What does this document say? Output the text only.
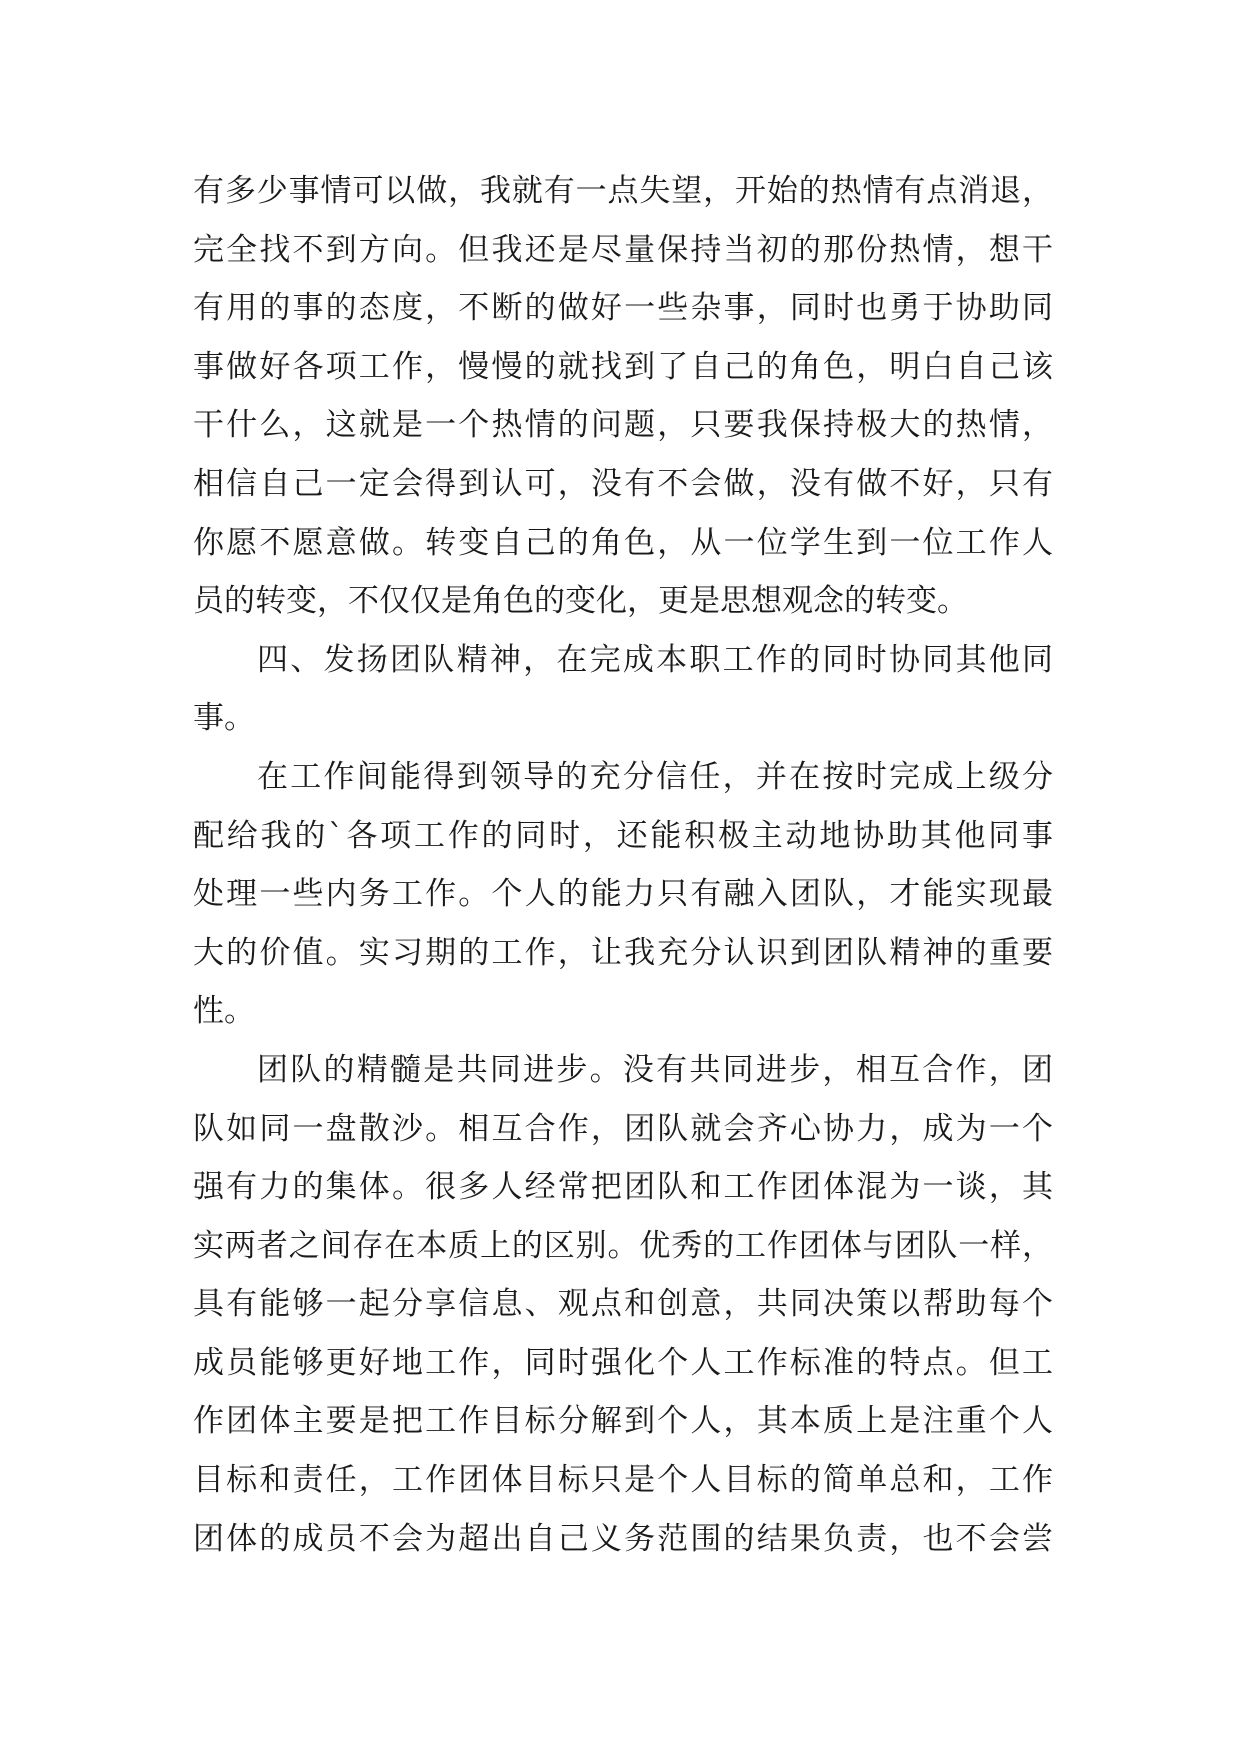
有多少事情可以做，我就有一点失望，开始的热情有点消退，
完全找不到方向。但我还是尽量保持当初的那份热情，想干
有用的事的态度，不断的做好一些杂事，同时也勇于协助同
事做好各项工作，慢慢的就找到了自己的角色，明白自己该
干什么，这就是一个热情的问题，只要我保持极大的热情，
相信自己一定会得到认可，没有不会做，没有做不好，只有
你愿不愿意做。转变自己的角色，从一位学生到一位工作人
员的转变，不仅仅是角色的变化，更是思想观念的转变。
四、发扬团队精神，在完成本职工作的同时协同其他同
事。
在工作间能得到领导的充分信任，并在按时完成上级分
配给我的`各项工作的同时，还能积极主动地协助其他同事
处理一些内务工作。个人的能力只有融入团队，才能实现最
大的价值。实习期的工作，让我充分认识到团队精神的重要
性。
团队的精髓是共同进步。没有共同进步，相互合作，团
队如同一盘散沙。相互合作，团队就会齐心协力，成为一个
强有力的集体。很多人经常把团队和工作团体混为一谈，其
实两者之间存在本质上的区别。优秀的工作团体与团队一样，
具有能够一起分享信息、观点和创意，共同决策以帮助每个
成员能够更好地工作，同时强化个人工作标准的特点。但工
作团体主要是把工作目标分解到个人，其本质上是注重个人
目标和责任，工作团体目标只是个人目标的简单总和，工作
团体的成员不会为超出自己义务范围的结果负责，也不会尝
